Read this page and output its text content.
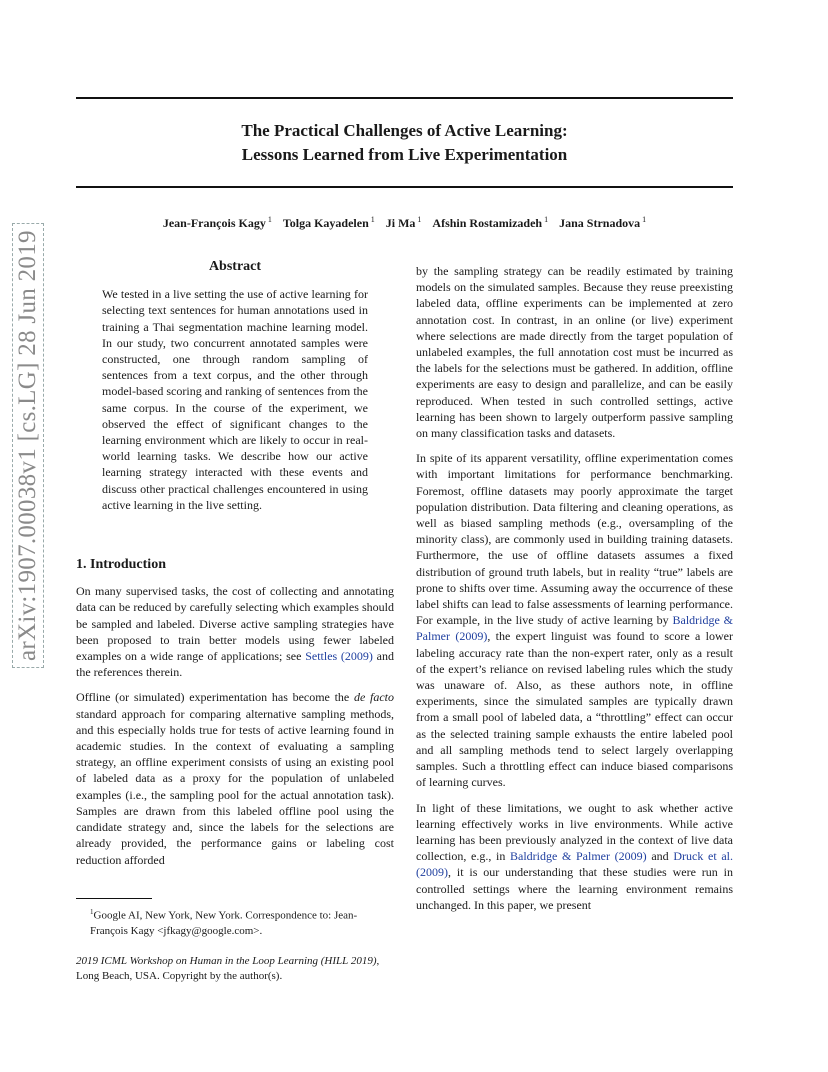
arXiv:1907.00038v1 [cs.LG] 28 Jun 2019
The Practical Challenges of Active Learning:
Lessons Learned from Live Experimentation
Jean-François Kagy $^1$ Tolga Kayadelen $^1$ Ji Ma $^1$ Afshin Rostamizadeh $^1$ Jana Strnadova $^1$
Abstract

We tested in a live setting the use of active learning for selecting text sentences for human annotations used in training a Thai segmentation machine learning model. In our study, two concurrent annotated samples were constructed, one through random sampling of sentences from a text corpus, and the other through model-based scoring and ranking of sentences from the same corpus. In the course of the experiment, we observed the effect of significant changes to the learning environment which are likely to occur in real-world learning tasks. We describe how our active learning strategy interacted with these events and discuss other practical challenges encountered in using active learning in the live setting.

1. Introduction

On many supervised tasks, the cost of collecting and annotating data can be reduced by carefully selecting which examples should be sampled and labeled. Diverse active sampling strategies have been proposed to train better models using fewer labeled examples on a wide range of applications; see Settles (2009) and the references therein.

Offline (or simulated) experimentation has become the de facto standard approach for comparing alternative sampling methods, and this especially holds true for tests of active learning found in academic studies. In the context of evaluating a sampling strategy, an offline experiment consists of using an existing pool of labeled data as a proxy for the population of unlabeled examples (i.e., the sampling pool for the actual annotation task). Samples are drawn from this labeled offline pool using the candidate strategy and, since the labels for the selections are already provided, the performance gains or labeling cost reduction afforded

$^1$Google AI, New York, New York. Correspondence to: Jean-François Kagy <jfkagy@google.com>.

2019 ICML Workshop on Human in the Loop Learning (HILL 2019), Long Beach, USA. Copyright by the author(s).

by the sampling strategy can be readily estimated by training models on the simulated samples. Because they reuse preexisting labeled data, offline experiments can be implemented at zero annotation cost. In contrast, in an online (or live) experiment where selections are made directly from the target population of unlabeled examples, the full annotation cost must be incurred as the labels for the selections must be gathered. In addition, offline experiments are easy to design and parallelize, and can be easily reproduced. When tested in such controlled settings, active learning has been shown to largely outperform passive sampling on many classification tasks and datasets.

In spite of its apparent versatility, offline experimentation comes with important limitations for performance benchmarking. Foremost, offline datasets may poorly approximate the target population distribution. Data filtering and cleaning operations, as well as biased sampling methods (e.g., oversampling of the minority class), are commonly used in building training datasets. Furthermore, the use of offline datasets assumes a fixed distribution of ground truth labels, but in reality “true” labels are prone to shifts over time. Assuming away the occurrence of these label shifts can lead to false assessments of learning performance. For example, in the live study of active learning by Baldridge & Palmer (2009), the expert linguist was found to score a lower labeling accuracy rate than the non-expert rater, only as a result of the expert’s reliance on revised labeling rules which the study was unaware of. Also, as these authors note, in offline experiments, since the simulated samples are typically drawn from a small pool of labeled data, a “throttling” effect can occur as the selected training sample exhausts the entire labeled pool and all sampling methods tend to select largely overlapping samples. Such a throttling effect can induce biased comparisons of learning curves.

In light of these limitations, we ought to ask whether active learning effectively works in live environments. While active learning has been previously analyzed in the context of live data collection, e.g., in Baldridge & Palmer (2009) and Druck et al. (2009), it is our understanding that these studies were run in controlled settings where the learning environment remains unchanged. In this paper, we present
